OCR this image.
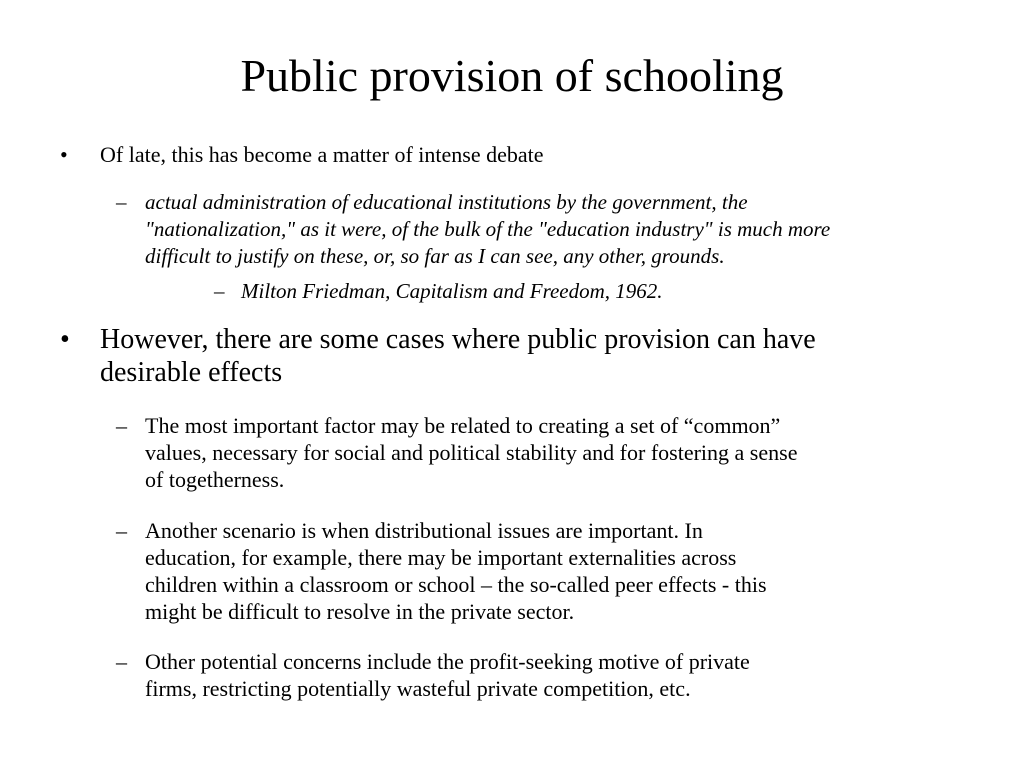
Public provision of schooling
• Of late, this has become a matter of intense debate
– actual administration of educational institutions by the government, the
"nationalization," as it were, of the bulk of the "education industry" is much more
difficult to justify on these, or, so far as I can see, any other, grounds.
– Milton Friedman, Capitalism and Freedom, 1962.
• However, there are some cases where public provision can have
desirable effects
– The most important factor may be related to creating a set of “common”
values, necessary for social and political stability and for fostering a sense
of togetherness.
– Another scenario is when distributional issues are important. In
education, for example, there may be important externalities across
children within a classroom or school – the so-called peer effects - this
might be difficult to resolve in the private sector.
– Other potential concerns include the profit-seeking motive of private
firms, restricting potentially wasteful private competition, etc.
